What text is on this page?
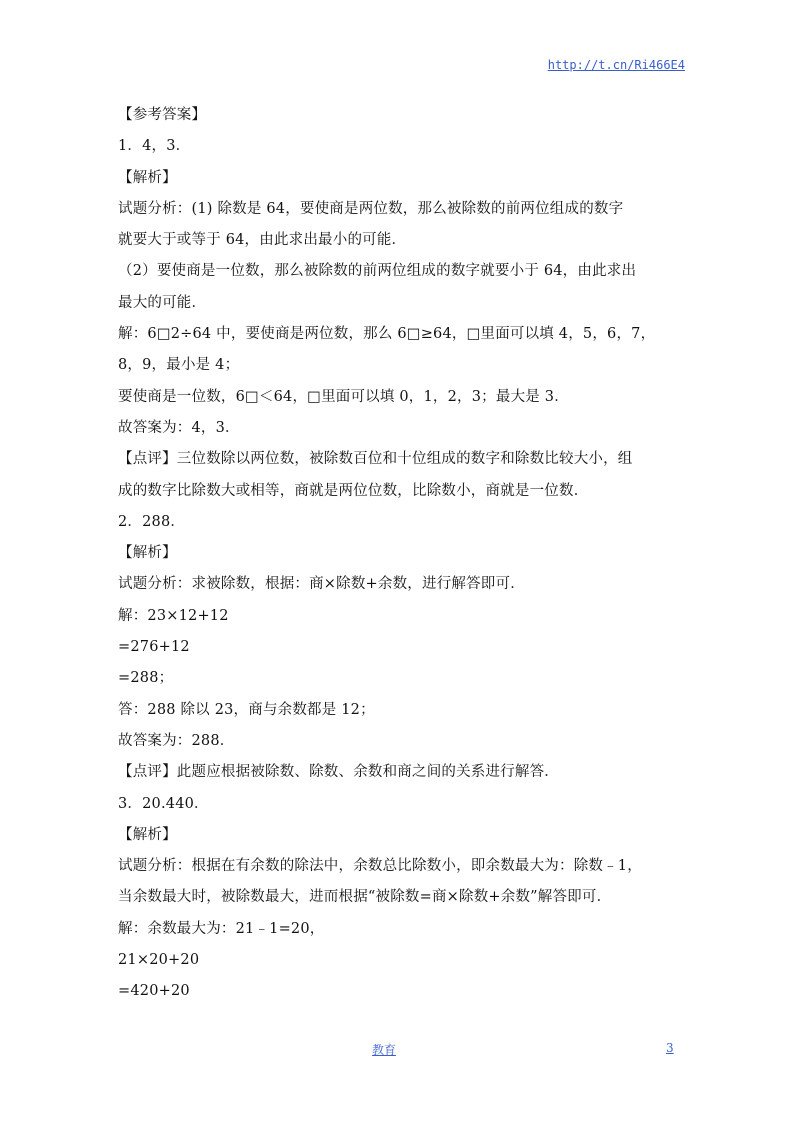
http://t.cn/Ri466E4
【参考答案】
1．4，3．
【解析】
试题分析：(1) 除数是 64，要使商是两位数，那么被除数的前两位组成的数字
就要大于或等于 64，由此求出最小的可能．
（2）要使商是一位数，那么被除数的前两位组成的数字就要小于 64，由此求出
最大的可能．
解：6□2÷64 中，要使商是两位数，那么 6□≥64，□里面可以填 4，5，6，7，
8，9，最小是 4；
要使商是一位数，6□＜64，□里面可以填 0，1，2，3；最大是 3．
故答案为：4，3．
【点评】三位数除以两位数，被除数百位和十位组成的数字和除数比较大小，组
成的数字比除数大或相等，商就是两位位数，比除数小，商就是一位数．
2．288．
【解析】
试题分析：求被除数，根据：商×除数+余数，进行解答即可．
解：23×12+12
=276+12
=288；
答：288 除以 23，商与余数都是 12；
故答案为：288．
【点评】此题应根据被除数、除数、余数和商之间的关系进行解答．
3．20.440．
【解析】
试题分析：根据在有余数的除法中，余数总比除数小，即余数最大为：除数﹣1，
当余数最大时，被除数最大，进而根据“被除数=商×除数+余数”解答即可．
解：余数最大为：21﹣1=20，
21×20+20
=420+20
教育	3
